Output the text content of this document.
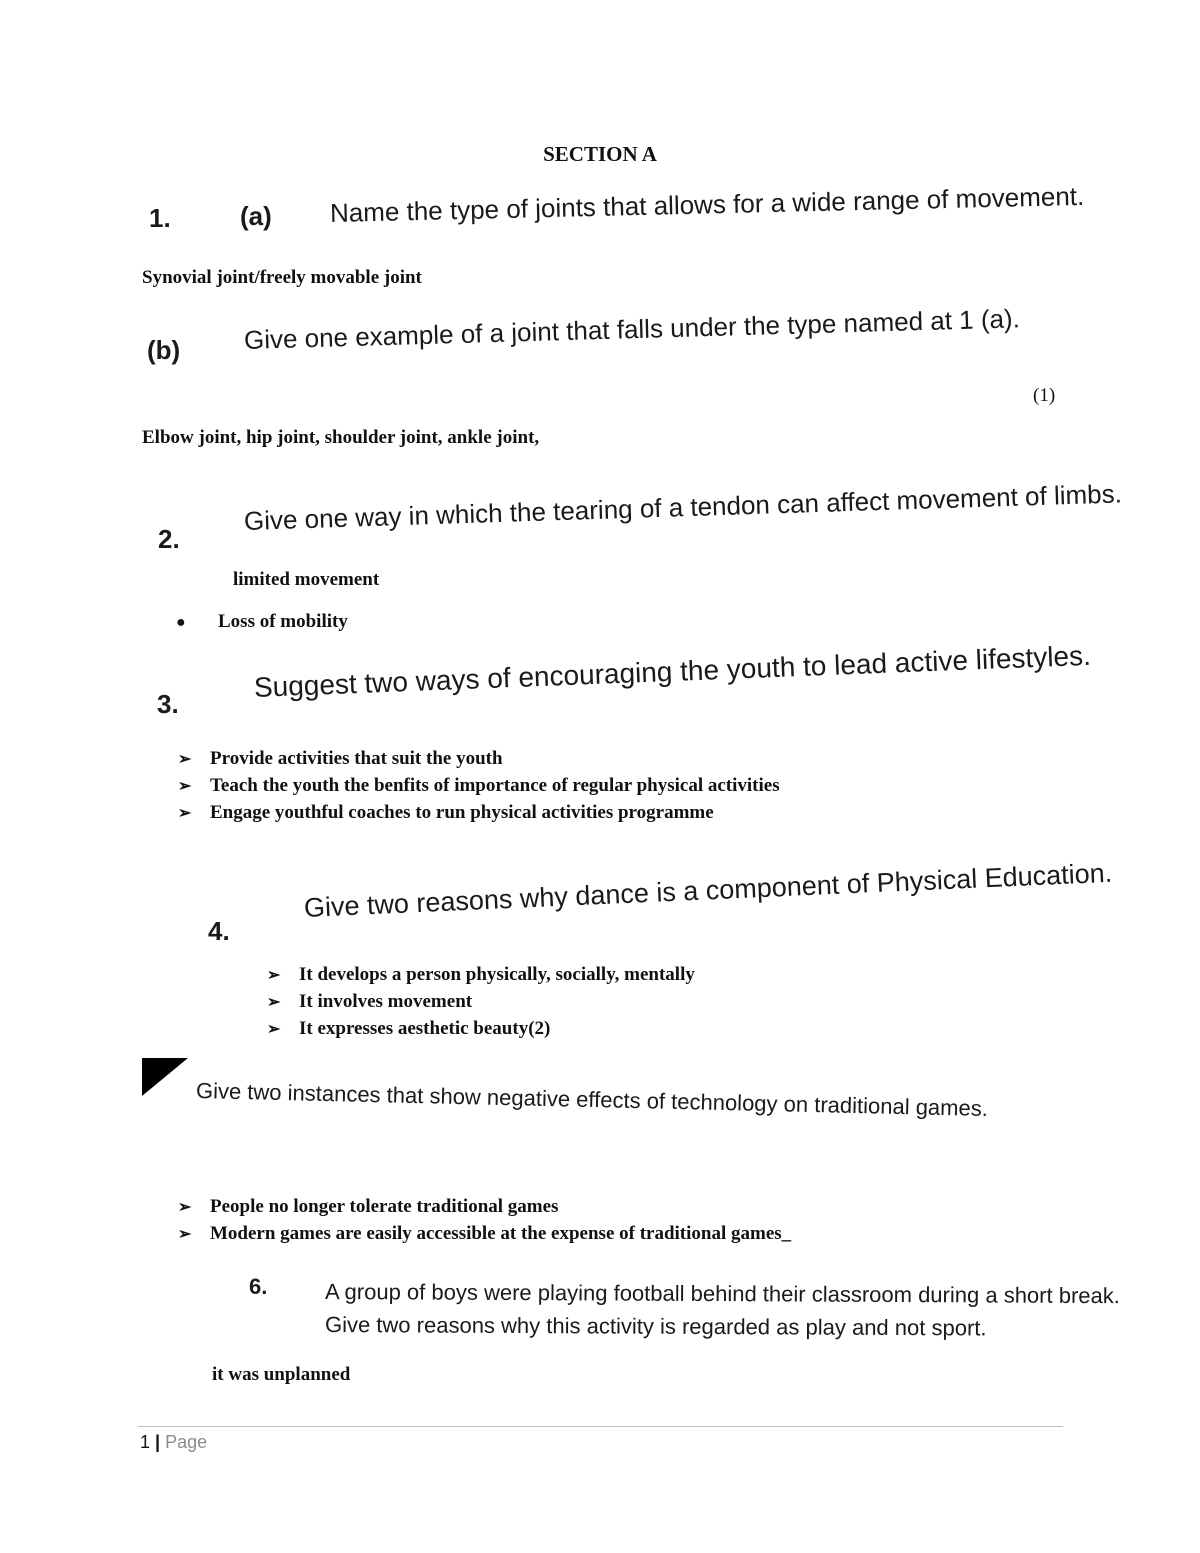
SECTION A
1.	(a) Name the type of joints that allows for a wide range of movement.
Synovial joint/freely movable joint
(b) Give one example of a joint that falls under the type named at 1 (a).
(1)
Elbow joint, hip joint, shoulder joint, ankle joint,
2.
Give one way in which the tearing of a tendon can affect movement of limbs.
limited movement
● Loss of mobility
3.
Suggest two ways of encouraging the youth to lead active lifestyles.
➢ Provide activities that suit the youth
➢ Teach the youth the benfits of importance of regular physical activities
➢ Engage youthful coaches to run physical activities programme
4.
Give two reasons why dance is a component of Physical Education.
➢ It develops a person physically, socially, mentally
➢ It involves movement
➢ It expresses aesthetic beauty(2)
Give two instances that show negative effects of technology on traditional games.
➢ People no longer tolerate traditional games
➢ Modern games are easily accessible at the expense of traditional games_
6.	A group of boys were playing football behind their classroom during a short break.
Give two reasons why this activity is regarded as play and not sport.
it was unplanned
1 | Page
